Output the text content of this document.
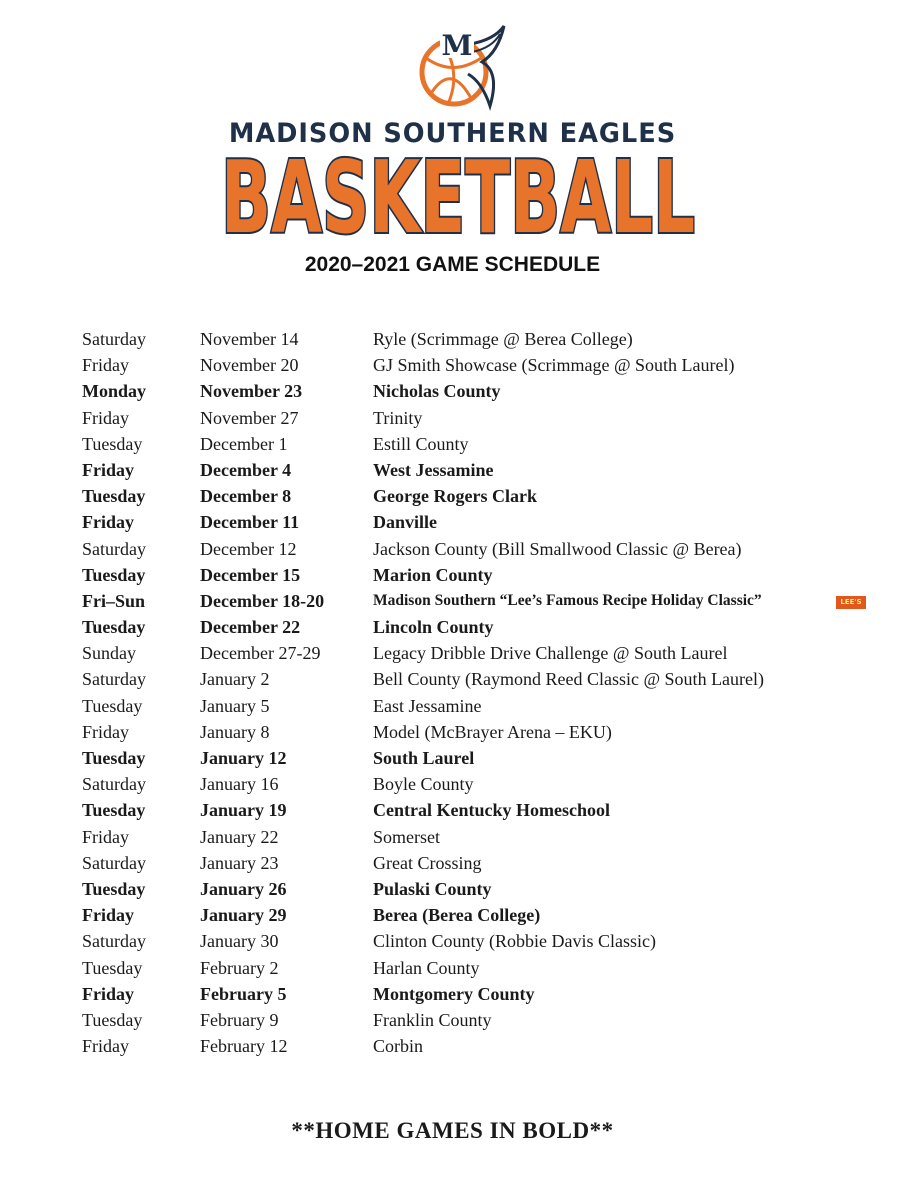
M
MADISON SOUTHERN EAGLES
BASKETBALL
2020–2021 GAME SCHEDULE
Saturday	November 14	Ryle (Scrimmage @ Berea College)
Friday	November 20	GJ Smith Showcase (Scrimmage @ South Laurel)
Monday	November 23	Nicholas County
Friday	November 27	Trinity
Tuesday	December 1	Estill County
Friday	December 4	West Jessamine
Tuesday	December 8	George Rogers Clark
Friday	December 11	Danville
Saturday	December 12	Jackson County (Bill Smallwood Classic @ Berea)
Tuesday	December 15	Marion County
Fri–Sun	December 18-20	Madison Southern “Lee’s Famous Recipe Holiday Classic”	LEE'S
Tuesday	December 22	Lincoln County
Sunday	December 27-29	Legacy Dribble Drive Challenge @ South Laurel
Saturday	January 2	Bell County (Raymond Reed Classic @ South Laurel)
Tuesday	January 5	East Jessamine
Friday	January 8	Model (McBrayer Arena – EKU)
Tuesday	January 12	South Laurel
Saturday	January 16	Boyle County
Tuesday	January 19	Central Kentucky Homeschool
Friday	January 22	Somerset
Saturday	January 23	Great Crossing
Tuesday	January 26	Pulaski County
Friday	January 29	Berea (Berea College)
Saturday	January 30	Clinton County (Robbie Davis Classic)
Tuesday	February 2	Harlan County
Friday	February 5	Montgomery County
Tuesday	February 9	Franklin County
Friday	February 12	Corbin
**HOME GAMES IN BOLD**
